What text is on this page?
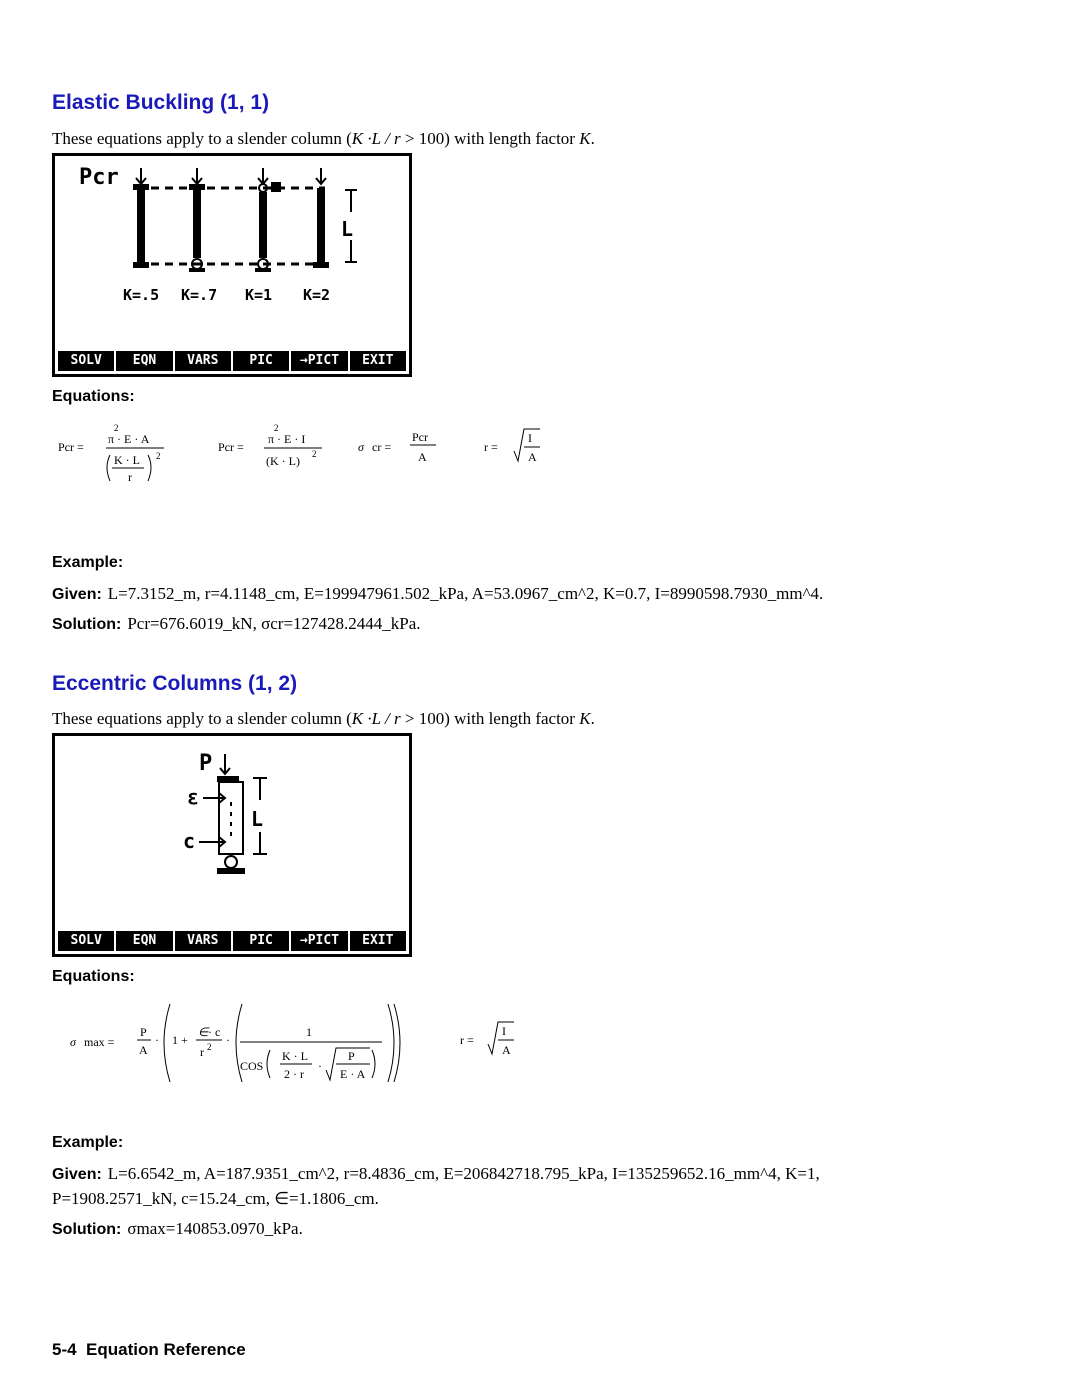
Elastic Buckling (1, 1)
These equations apply to a slender column (K ·L / r > 100) with length factor K.
Pcr
L
K=.5 K=.7 K=1 K=2
SOLV	EQN	VARS	PIC	→PICT	EXIT
Equations:
Pcr =
π · E · A
2
K · L
r
2
Pcr =
π · E · I
2
(K · L) 2	σ cr =
Pcr
A
r =
I
A
Example:
Given: L=7.3152_m, r=4.1148_cm, E=199947961.502_kPa, A=53.0967_cm^2, K=0.7, I=8990598.7930_mm^4.
Solution: Pcr=676.6019_kN, σcr=127428.2444_kPa.
Eccentric Columns (1, 2)
These equations apply to a slender column (K ·L / r > 100) with length factor K.
P
ε
c
L
SOLV	EQN	VARS	PIC	→PICT	EXIT
Equations:
σ max =
P
A
· 1 +
∈ · c
r 2 ·
1
COS
K · L
2 · r
·
P
E · A
r =
I
A
Example:
Given: L=6.6542_m, A=187.9351_cm^2, r=8.4836_cm, E=206842718.795_kPa, I=135259652.16_mm^4, K=1,
P=1908.2571_kN, c=15.24_cm, ∈=1.1806_cm.
Solution: σmax=140853.0970_kPa.
5-4 Equation Reference
